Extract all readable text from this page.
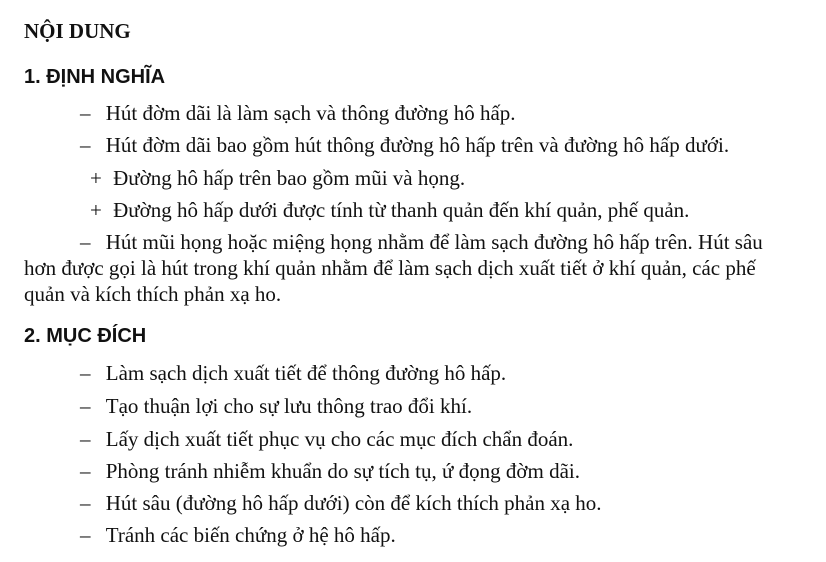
NỘI DUNG
1. ĐỊNH NGHĨA
– Hút đờm dãi là làm sạch và thông đường hô hấp.
– Hút đờm dãi bao gồm hút thông đường hô hấp trên và đường hô hấp dưới.
+ Đường hô hấp trên bao gồm mũi và họng.
+ Đường hô hấp dưới được tính từ thanh quản đến khí quản, phế quản.
– Hút mũi họng hoặc miệng họng nhằm để làm sạch đường hô hấp trên. Hút sâu
hơn được gọi là hút trong khí quản nhằm để làm sạch dịch xuất tiết ở khí quản, các phế
quản và kích thích phản xạ ho.
2. MỤC ĐÍCH
– Làm sạch dịch xuất tiết để thông đường hô hấp.
– Tạo thuận lợi cho sự lưu thông trao đổi khí.
– Lấy dịch xuất tiết phục vụ cho các mục đích chẩn đoán.
– Phòng tránh nhiễm khuẩn do sự tích tụ, ứ đọng đờm dãi.
– Hút sâu (đường hô hấp dưới) còn để kích thích phản xạ ho.
– Tránh các biến chứng ở hệ hô hấp.
